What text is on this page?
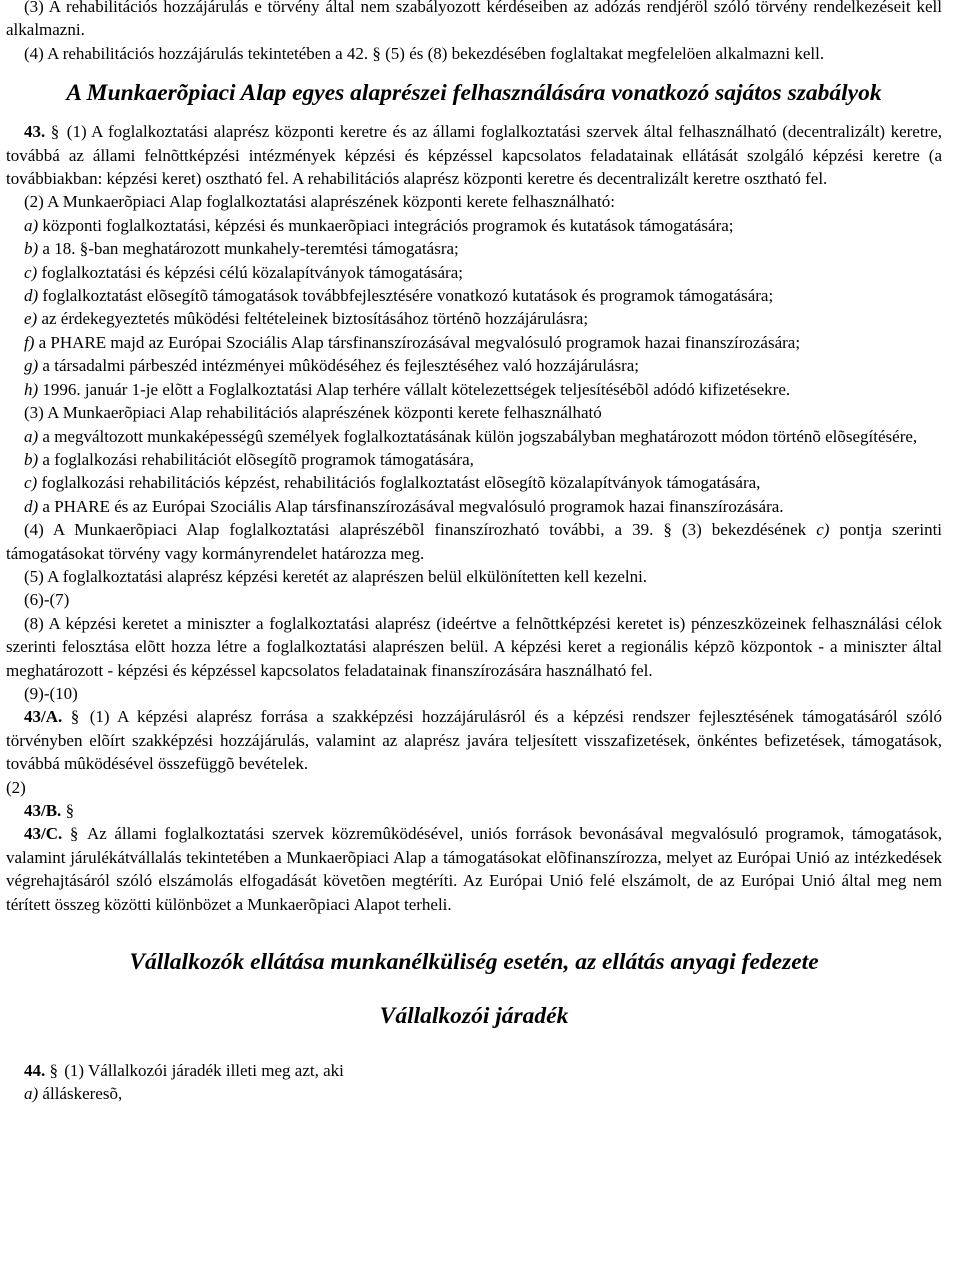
(3) A rehabilitációs hozzájárulás e törvény által nem szabályozott kérdéseiben az adózás rendjéröl szóló törvény rendelkezéseit kell alkalmazni.

(4) A rehabilitációs hozzájárulás tekintetében a 42. § (5) és (8) bekezdésében foglaltakat megfelelöen alkalmazni kell.

A Munkaerõpiaci Alap egyes alaprészei felhasználására vonatkozó sajátos szabályok

43. § (1) A foglalkoztatási alaprész központi keretre és az állami foglalkoztatási szervek által felhasználható (decentralizált) keretre, továbbá az állami felnõttképzési intézmények képzési és képzéssel kapcsolatos feladatainak ellátását szolgáló képzési keretre (a továbbiakban: képzési keret) osztható fel. A rehabilitációs alaprész központi keretre és decentralizált keretre osztható fel.

(2) A Munkaerõpiaci Alap foglalkoztatási alaprészének központi kerete felhasználható:

a) központi foglalkoztatási, képzési és munkaerõpiaci integrációs programok és kutatások támogatására;

b) a 18. §-ban meghatározott munkahely-teremtési támogatásra;

c) foglalkoztatási és képzési célú közalapítványok támogatására;

d) foglalkoztatást elõsegítõ támogatások továbbfejlesztésére vonatkozó kutatások és programok támogatására;

e) az érdekegyeztetés mûködési feltételeinek biztosításához történõ hozzájárulásra;

f) a PHARE majd az Európai Szociális Alap társfinanszírozásával megvalósuló programok hazai finanszírozására;

g) a társadalmi párbeszéd intézményei mûködéséhez és fejlesztéséhez való hozzájárulásra;

h) 1996. január 1-je elõtt a Foglalkoztatási Alap terhére vállalt kötelezettségek teljesítésébõl adódó kifizetésekre.

(3) A Munkaerõpiaci Alap rehabilitációs alaprészének központi kerete felhasználható

a) a megváltozott munkaképességû személyek foglalkoztatásának külön jogszabályban meghatározott módon történõ elõsegítésére,

b) a foglalkozási rehabilitációt elõsegítõ programok támogatására,

c) foglalkozási rehabilitációs képzést, rehabilitációs foglalkoztatást elõsegítõ közalapítványok támogatására,

d) a PHARE és az Európai Szociális Alap társfinanszírozásával megvalósuló programok hazai finanszírozására.

(4) A Munkaerõpiaci Alap foglalkoztatási alaprészébõl finanszírozható további, a 39. § (3) bekezdésének c) pontja szerinti támogatásokat törvény vagy kormányrendelet határozza meg.

(5) A foglalkoztatási alaprész képzési keretét az alaprészen belül elkülönítetten kell kezelni.

(6)-(7)

(8) A képzési keretet a miniszter a foglalkoztatási alaprész (ideértve a felnõttképzési keretet is) pénzeszközeinek felhasználási célok szerinti felosztása elõtt hozza létre a foglalkoztatási alaprészen belül. A képzési keret a regionális képzõ központok - a miniszter által meghatározott - képzési és képzéssel kapcsolatos feladatainak finanszírozására használható fel.

(9)-(10)

43/A. § (1) A képzési alaprész forrása a szakképzési hozzájárulásról és a képzési rendszer fejlesztésének támogatásáról szóló törvényben elõírt szakképzési hozzájárulás, valamint az alaprész javára teljesített visszafizetések, önkéntes befizetések, támogatások, továbbá mûködésével összefüggõ bevételek.

(2)

43/B. §

43/C. § Az állami foglalkoztatási szervek közremûködésével, uniós források bevonásával megvalósuló programok, támogatások, valamint járulékátvállalás tekintetében a Munkaerõpiaci Alap a támogatásokat elõfinanszírozza, melyet az Európai Unió az intézkedések végrehajtásáról szóló elszámolás elfogadását követõen megtéríti. Az Európai Unió felé elszámolt, de az Európai Unió által meg nem térített összeg közötti különbözet a Munkaerõpiaci Alapot terheli.

Vállalkozók ellátása munkanélküliség esetén, az ellátás anyagi fedezete
Vállalkozói járadék

44. § (1) Vállalkozói járadék illeti meg azt, aki

a) álláskeresõ,
